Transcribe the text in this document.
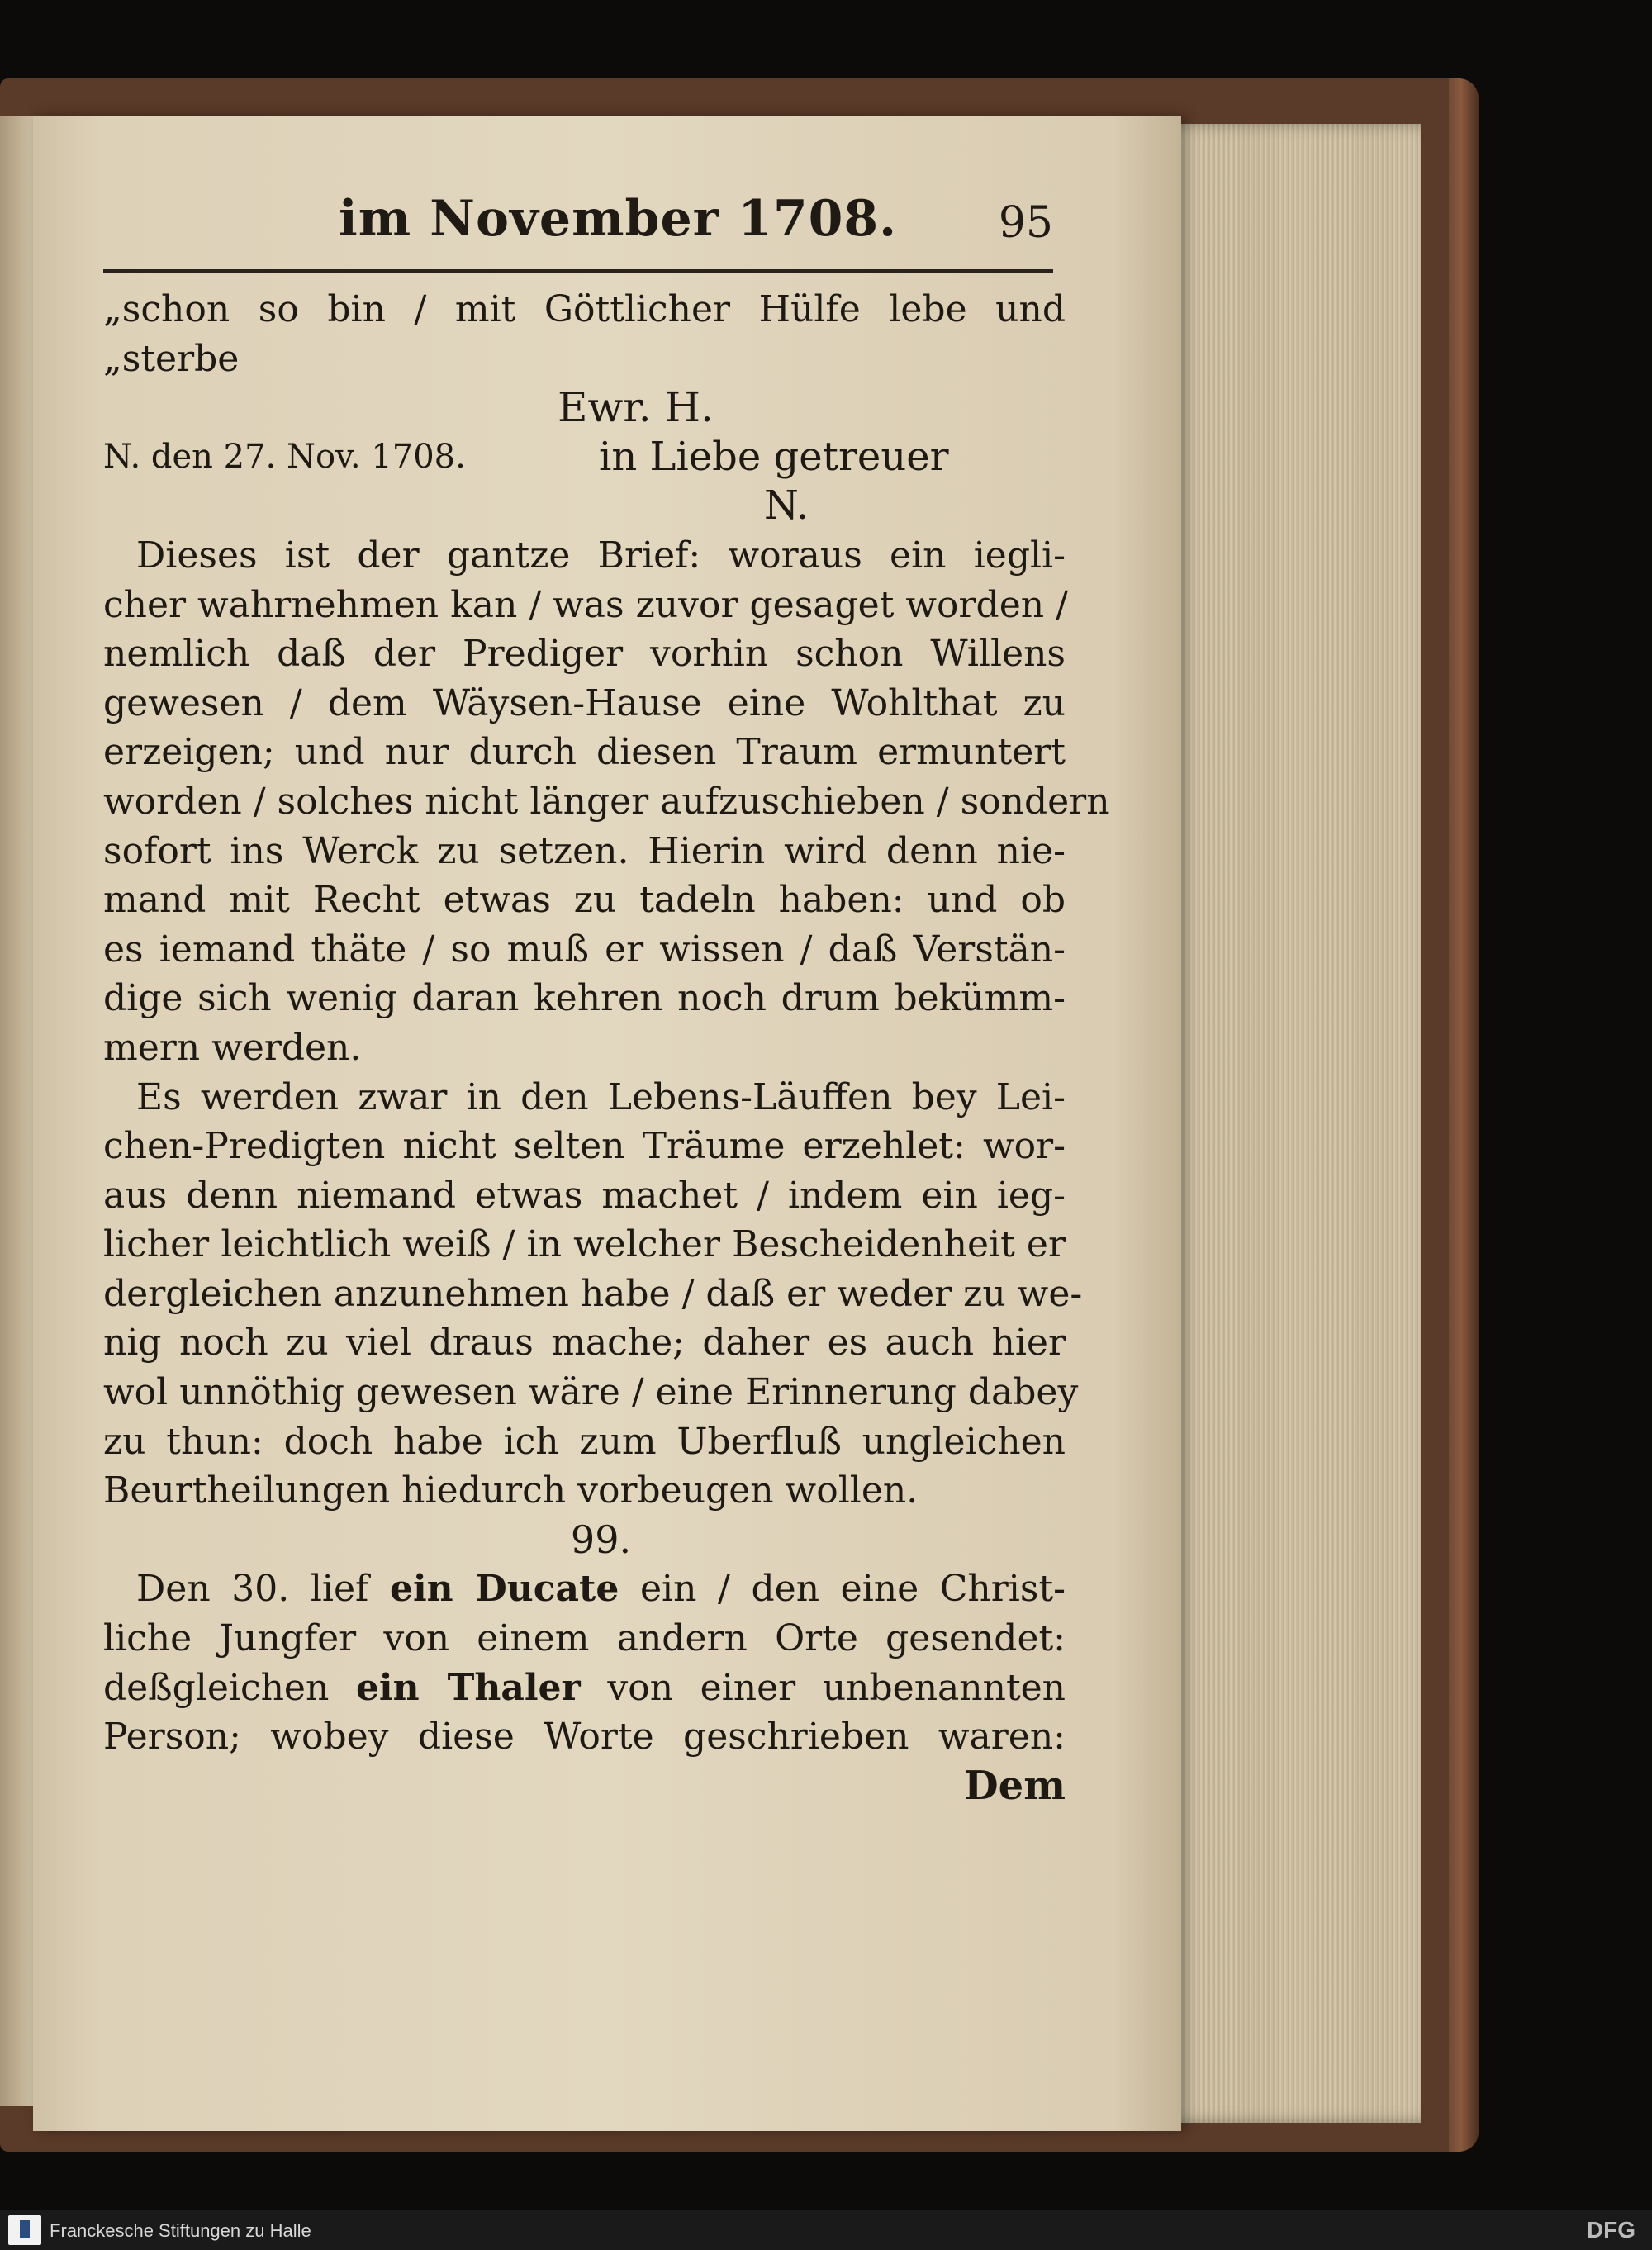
im November 1708. 95
„schon so bin / mit Göttlicher Hülfe lebe und
„sterbe
Ewr. H.
N. den 27. Nov. 1708.	in Liebe getreuer
N.
Dieses ist der gantze Brief: woraus ein iegli-
cher wahrnehmen kan / was zuvor gesaget worden /
nemlich daß der Prediger vorhin schon Willens
gewesen / dem Wäysen-Hause eine Wohlthat zu
erzeigen; und nur durch diesen Traum ermuntert
worden / solches nicht länger aufzuschieben / sondern
sofort ins Werck zu setzen. Hierin wird denn nie-
mand mit Recht etwas zu tadeln haben: und ob
es iemand thäte / so muß er wissen / daß Verstän-
dige sich wenig daran kehren noch drum bekümm-
mern werden.
Es werden zwar in den Lebens-Läuffen bey Lei-
chen-Predigten nicht selten Träume erzehlet: wor-
aus denn niemand etwas machet / indem ein ieg-
licher leichtlich weiß / in welcher Bescheidenheit er
dergleichen anzunehmen habe / daß er weder zu we-
nig noch zu viel draus mache; daher es auch hier
wol unnöthig gewesen wäre / eine Erinnerung dabey
zu thun: doch habe ich zum Uberfluß ungleichen
Beurtheilungen hiedurch vorbeugen wollen.
99.
Den 30. lief ein Ducate ein / den eine Christ-
liche Jungfer von einem andern Orte gesendet:
deßgleichen ein Thaler von einer unbenannten
Person; wobey diese Worte geschrieben waren:
Dem
Franckesche Stiftungen zu Halle	DFG
